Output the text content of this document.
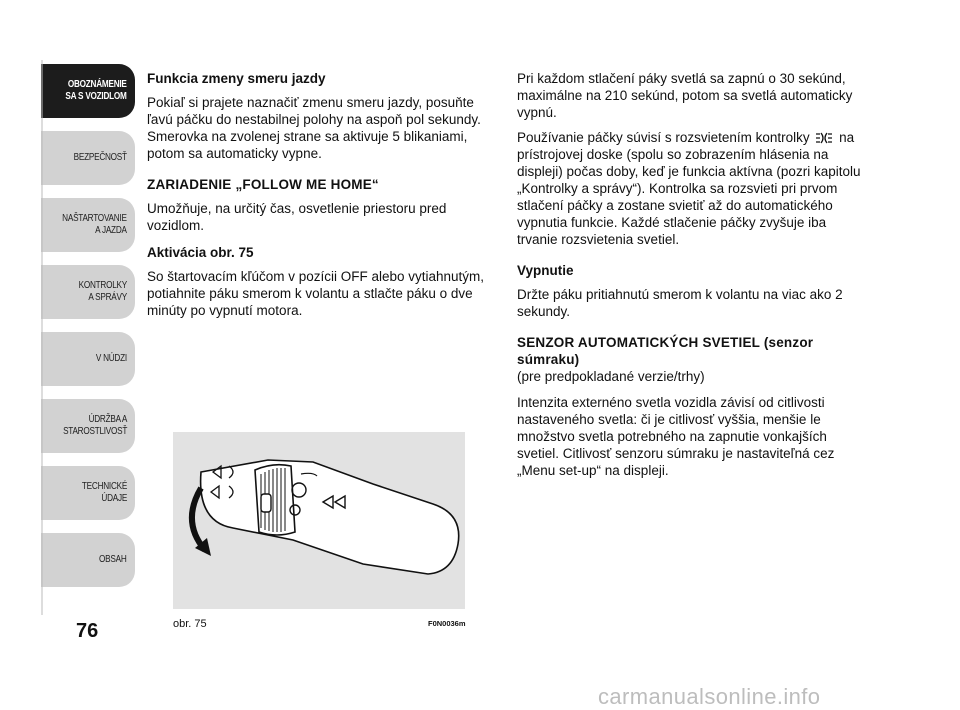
OBOZNÁMENIE
SA S VOZIDLOM
BEZPEČNOSŤ
NAŠTARTOVANIE
A JAZDA
KONTROLKY
A SPRÁVY
V NÚDZI
ÚDRŽBA A
STAROSTLIVOSŤ
TECHNICKÉ
ÚDAJE
OBSAH
76

Funkcia zmeny smeru jazdy

Pokiaľ si prajete naznačiť zmenu smeru jazdy, posuňte ľavú páčku do nestabilnej polohy na aspoň pol sekundy. Smerovka na zvolenej strane sa aktivuje 5 blikaniami, potom sa automaticky vypne.

ZARIADENIE „FOLLOW ME HOME“

Umožňuje, na určitý čas, osvetlenie priestoru pred vozidlom.

Aktivácia obr. 75

So štartovacím kľúčom v pozícii OFF alebo vytiahnutým, potiahnite páku smerom k volantu a stlačte páku o dve minúty po vypnutí motora.

Pri každom stlačení páky svetlá sa zapnú o 30 sekúnd, maximálne na 210 sekúnd, potom sa svetlá automaticky vypnú.

Používanie páčky súvisí s rozsvietením kontrolky na prístrojovej doske (spolu so zobrazením hlásenia na displeji) počas doby, keď je funkcia aktívna (pozri kapitolu „Kontrolky a správy“). Kontrolka sa rozsvieti pri prvom stlačení páčky a zostane svietiť až do automatického vypnutia funkcie. Každé stlačenie páčky zvyšuje iba trvanie rozsvietenia svetiel.

Vypnutie

Držte páku pritiahnutú smerom k volantu na viac ako 2 sekundy.

SENZOR AUTOMATICKÝCH SVETIEL (senzor súmraku)

(pre predpokladané verzie/trhy)

Intenzita externéno svetla vozidla závisí od citlivosti nastaveného svetla: či je citlivosť vyššia, menšie le množstvo svetla potrebného na zapnutie vonkajších svetiel. Citlivosť senzoru súmraku je nastaviteľná cez „Menu set-up“ na displeji.

obr. 75	F0N0036m
carmanualsonline.info
